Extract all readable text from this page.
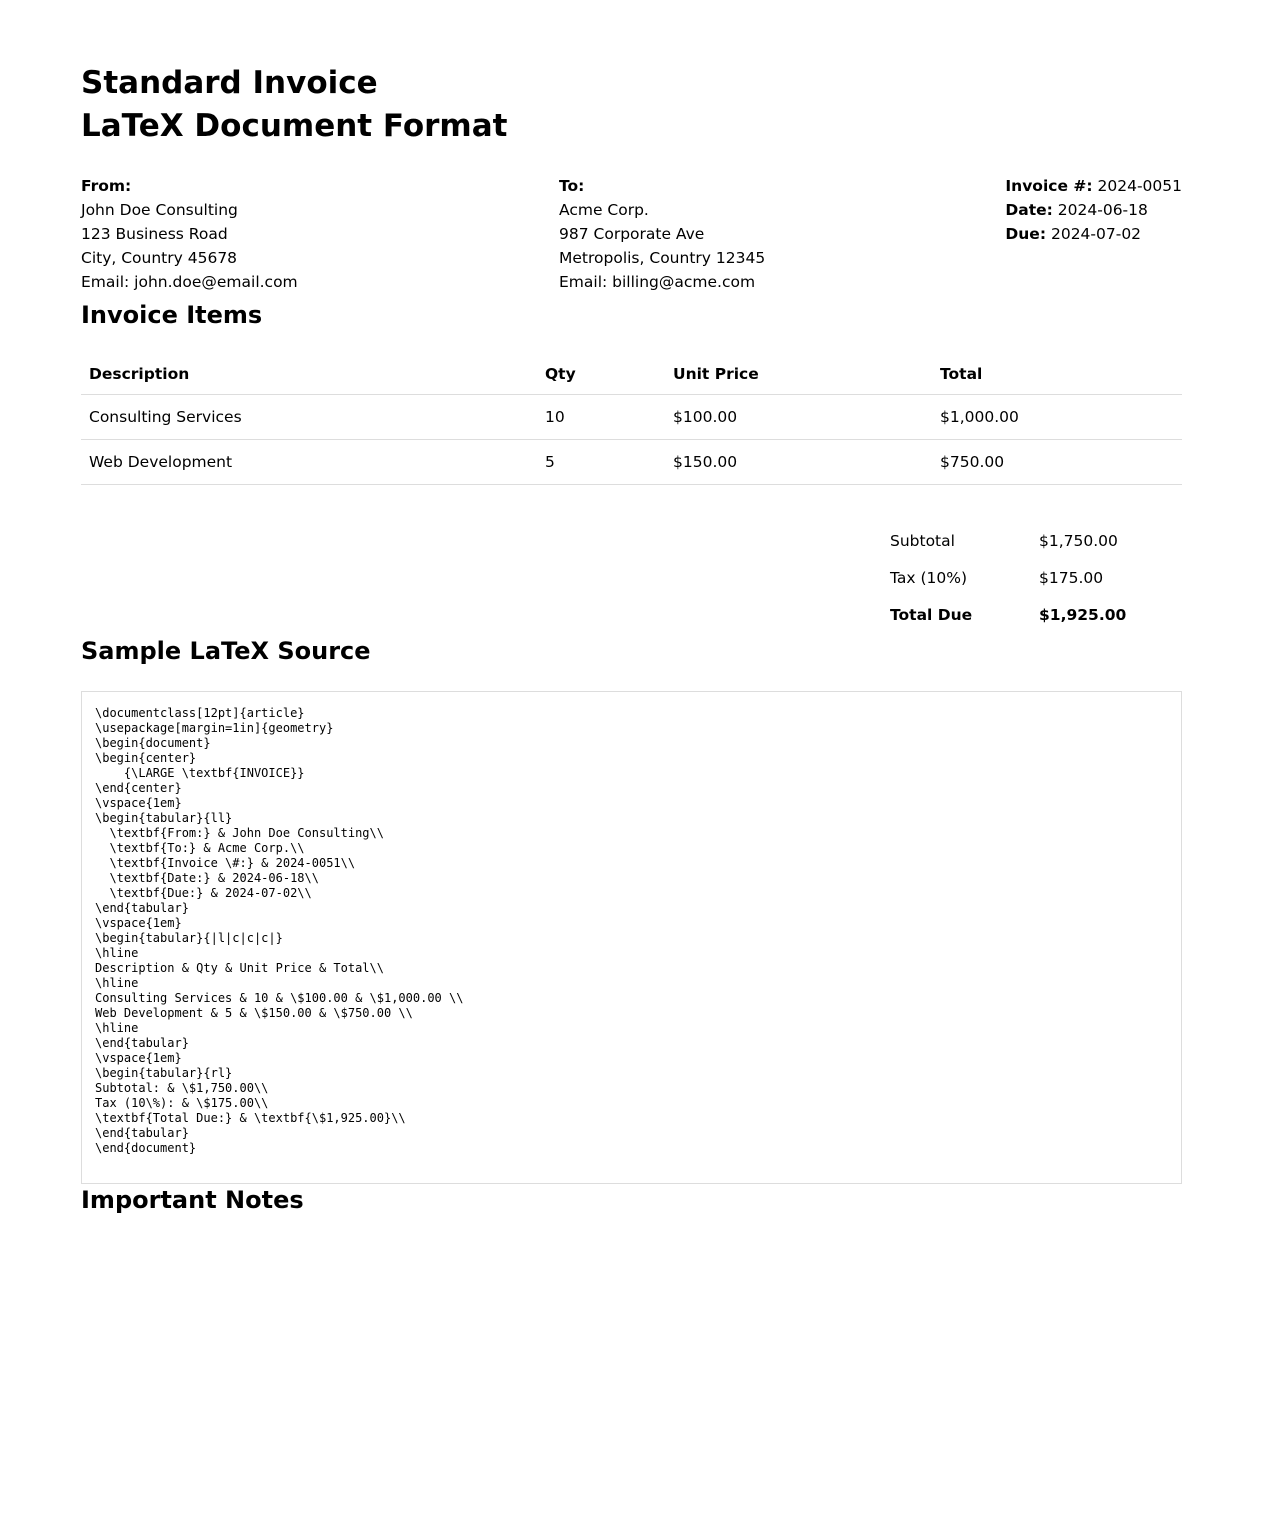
Standard Invoice
LaTeX Document Format
From:
John Doe Consulting
123 Business Road
City, Country 45678
Email: john.doe@email.com
To:
Acme Corp.
987 Corporate Ave
Metropolis, Country 12345
Email: billing@acme.com
Invoice #: 2024-0051
Date: 2024-06-18
Due: 2024-07-02
Invoice Items
Description	Qty	Unit Price	Total
Consulting Services	10	$100.00	$1,000.00
Web Development	5	$150.00	$750.00
Subtotal	$1,750.00
Tax (10%)	$175.00
Total Due	$1,925.00
Sample LaTeX Source
\documentclass[12pt]{article}
\usepackage[margin=1in]{geometry}
\begin{document}
\begin{center}
{\LARGE \textbf{INVOICE}}
\end{center}
\vspace{1em}
\begin{tabular}{ll}
\textbf{From:} & John Doe Consulting\\
\textbf{To:} & Acme Corp.\\
\textbf{Invoice \#:} & 2024-0051\\
\textbf{Date:} & 2024-06-18\\
\textbf{Due:} & 2024-07-02\\
\end{tabular}
\vspace{1em}
\begin{tabular}{|l|c|c|c|}
\hline
Description & Qty & Unit Price & Total\\
\hline
Consulting Services & 10 & \$100.00 & \$1,000.00 \\
Web Development & 5 & \$150.00 & \$750.00 \\
\hline
\end{tabular}
\vspace{1em}
\begin{tabular}{rl}
Subtotal: & \$1,750.00\\
Tax (10\%): & \$175.00\\
\textbf{Total Due:} & \textbf{\$1,925.00}\\
\end{tabular}
\end{document}
Important Notes
